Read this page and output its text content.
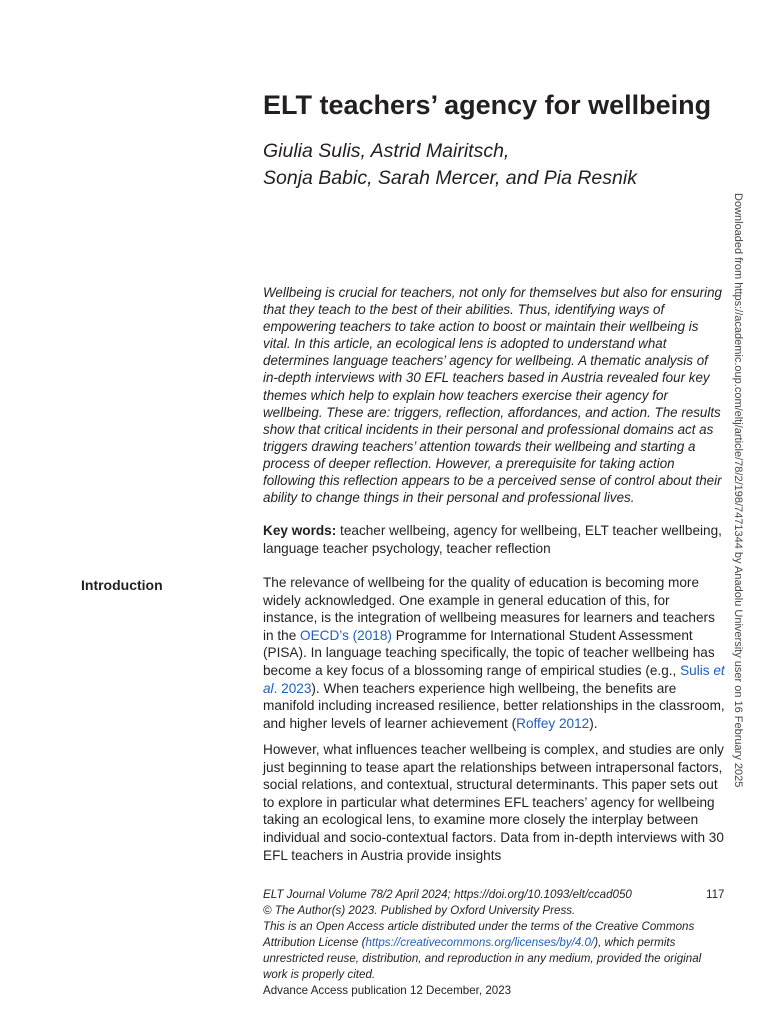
ELT teachers’ agency for wellbeing
Giulia Sulis, Astrid Mairitsch,
Sonja Babic, Sarah Mercer, and Pia Resnik

Wellbeing is crucial for teachers, not only for themselves but also for ensuring that they teach to the best of their abilities. Thus, identifying ways of empowering teachers to take action to boost or maintain their wellbeing is vital. In this article, an ecological lens is adopted to understand what determines language teachers’ agency for wellbeing. A thematic analysis of in-depth interviews with 30 EFL teachers based in Austria revealed four key themes which help to explain how teachers exercise their agency for wellbeing. These are: triggers, reflection, affordances, and action. The results show that critical incidents in their personal and professional domains act as triggers drawing teachers’ attention towards their wellbeing and starting a process of deeper reflection. However, a prerequisite for taking action following this reflection appears to be a perceived sense of control about their ability to change things in their personal and professional lives.

Key words: teacher wellbeing, agency for wellbeing, ELT teacher wellbeing, language teacher psychology, teacher reflection

Introduction	The relevance of wellbeing for the quality of education is becoming more widely acknowledged. One example in general education of this, for instance, is the integration of wellbeing measures for learners and teachers in the OECD’s (2018) Programme for International Student Assessment (PISA). In language teaching specifically, the topic of teacher wellbeing has become a key focus of a blossoming range of empirical studies (e.g., Sulis et al. 2023). When teachers experience high wellbeing, the benefits are manifold including increased resilience, better relationships in the classroom, and higher levels of learner achievement (Roffey 2012).

However, what influences teacher wellbeing is complex, and studies are only just beginning to tease apart the relationships between intrapersonal factors, social relations, and contextual, structural determinants. This paper sets out to explore in particular what determines EFL teachers’ agency for wellbeing taking an ecological lens, to examine more closely the interplay between individual and socio-contextual factors. Data from in-depth interviews with 30 EFL teachers in Austria provide insights

ELT Journal Volume 78/2 April 2024; https://doi.org/10.1093/elt/ccad050
© The Author(s) 2023. Published by Oxford University Press.
This is an Open Access article distributed under the terms of the Creative Commons
Attribution License (https://creativecommons.org/licenses/by/4.0/), which permits
unrestricted reuse, distribution, and reproduction in any medium, provided the original
work is properly cited.
Advance Access publication 12 December, 2023
117
Downloaded from https://academic.oup.com/eltj/article/78/2/198/7471344 by Anadolu University user on 16 February 2025
